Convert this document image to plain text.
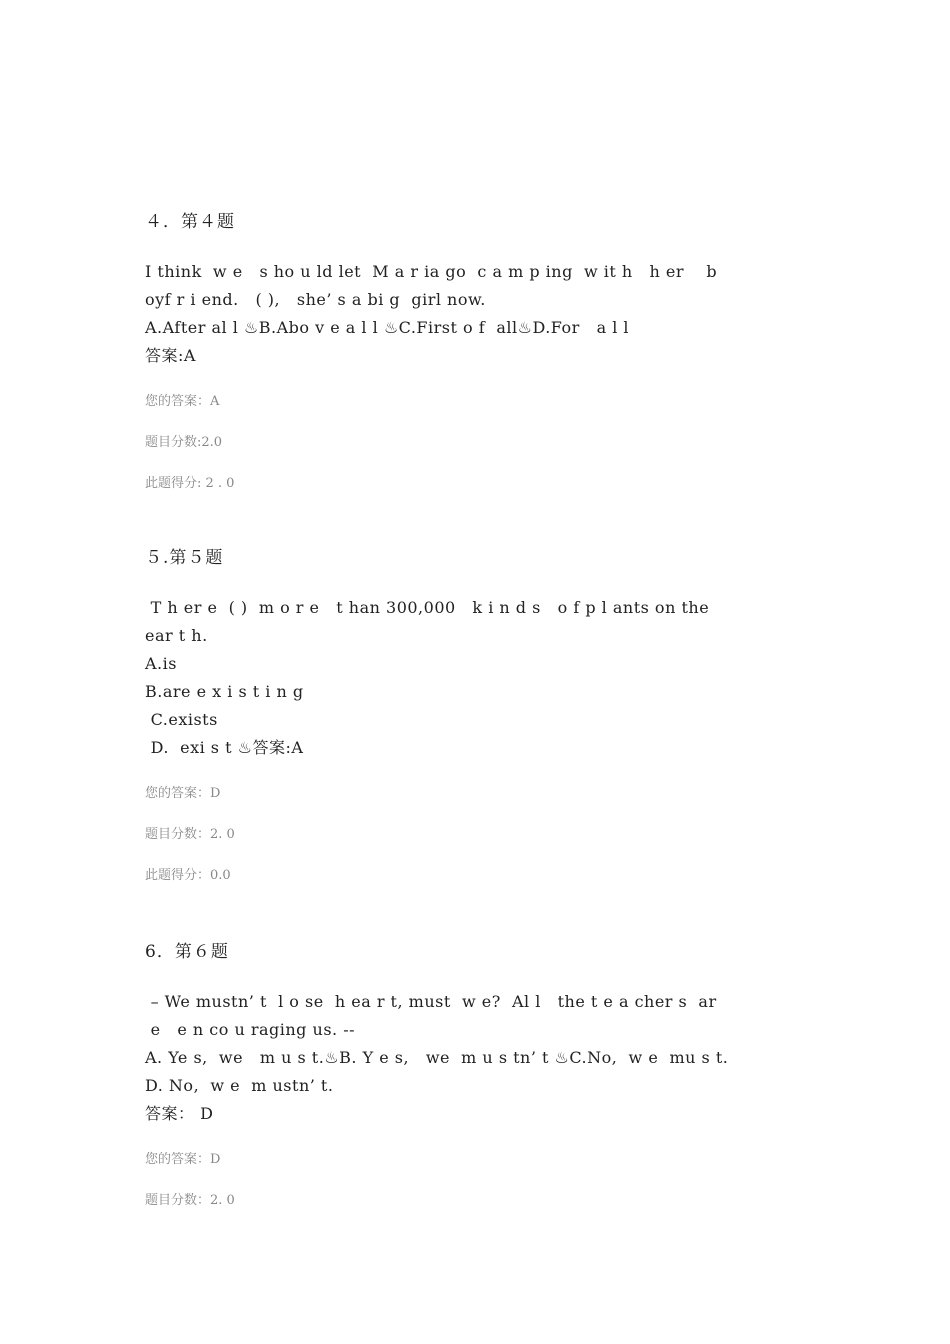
４．第４题
I think  w e   s ho u ld let  M a r ia go  c a m p ing  w it h   h er    b
oyf r i end.   ( ),   she’ s a bi g  girl now.
A.After al l ♨B.Abo v e a l l ♨C.First o f  all♨D.For   a l l
答案:A
您的答案：A
题目分数:2.0
此题得分: 2 . 0
５.第５题
T h er e  ( )  m o r e   t han 300,000   k i n d s   o f p l ants on the
ear t h.
A.is
B.are e x i s t i n g
C.exists
D.  exi s t ♨答案:A
您的答案：D
题目分数：2. 0
此题得分：0.0
6．第６题
– We mustn’ t  l o se  h ea r t, must  w e?  Al l   the t e a cher s  ar
e   e n co u raging us. --
A. Ye s,  we   m u s t.♨B. Y e s,   we  m u s tn’ t ♨C.No,  w e  mu s t.
D. No,  w e  m ustn’ t.
答案： D
您的答案：D
题目分数：2. 0
